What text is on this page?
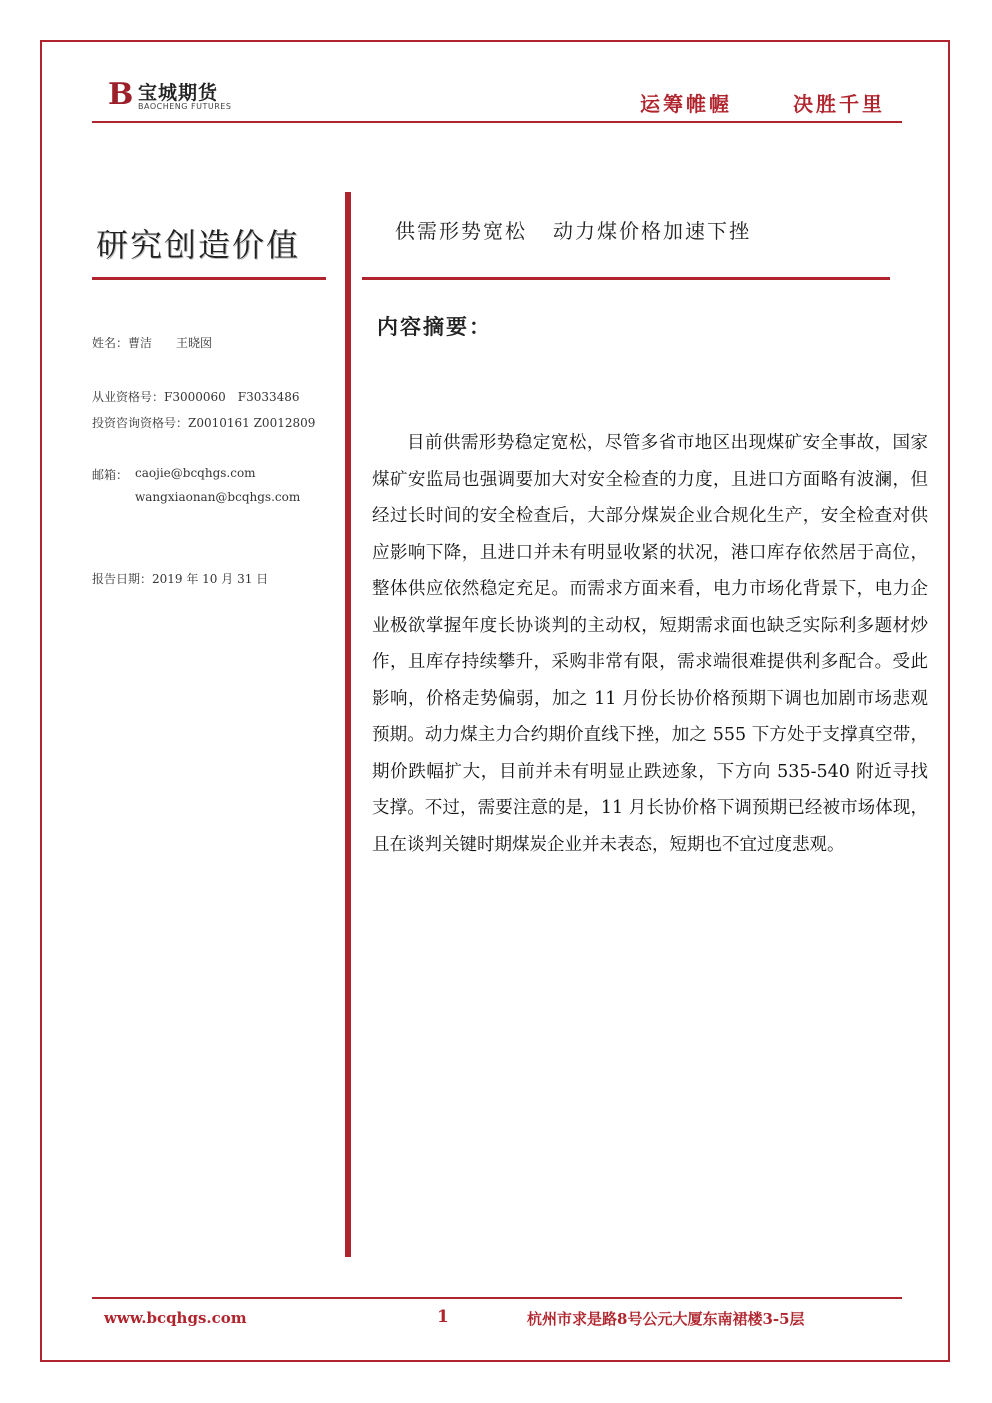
B 宝城期货
BAOCHENG FUTURES	运筹帷幄	决胜千里
研究创造价值
姓名：曹洁　　王晓囡
从业资格号：F3000060　F3033486
投资咨询资格号：Z0010161 Z0012809
邮箱： caojie@bcqhgs.com
wangxiaonan@bcqhgs.com
报告日期：2019 年 10 月 31 日
供需形势宽松 动力煤价格加速下挫
内容摘要：

目前供需形势稳定宽松，尽管多省市地区出现煤矿安全事故，国家煤矿安监局也强调要加大对安全检查的力度，且进口方面略有波澜，但经过长时间的安全检查后，大部分煤炭企业合规化生产，安全检查对供应影响下降，且进口并未有明显收紧的状况，港口库存依然居于高位，整体供应依然稳定充足。而需求方面来看，电力市场化背景下，电力企业极欲掌握年度长协谈判的主动权，短期需求面也缺乏实际利多题材炒作，且库存持续攀升，采购非常有限，需求端很难提供利多配合。受此影响，价格走势偏弱，加之 11 月份长协价格预期下调也加剧市场悲观预期。动力煤主力合约期价直线下挫，加之 555 下方处于支撑真空带，期价跌幅扩大，目前并未有明显止跌迹象，下方向 535-540 附近寻找支撑。不过，需要注意的是，11 月长协价格下调预期已经被市场体现，且在谈判关键时期煤炭企业并未表态，短期也不宜过度悲观。

www.bcqhgs.com	1	杭州市求是路8号公元大厦东南裙楼3-5层
